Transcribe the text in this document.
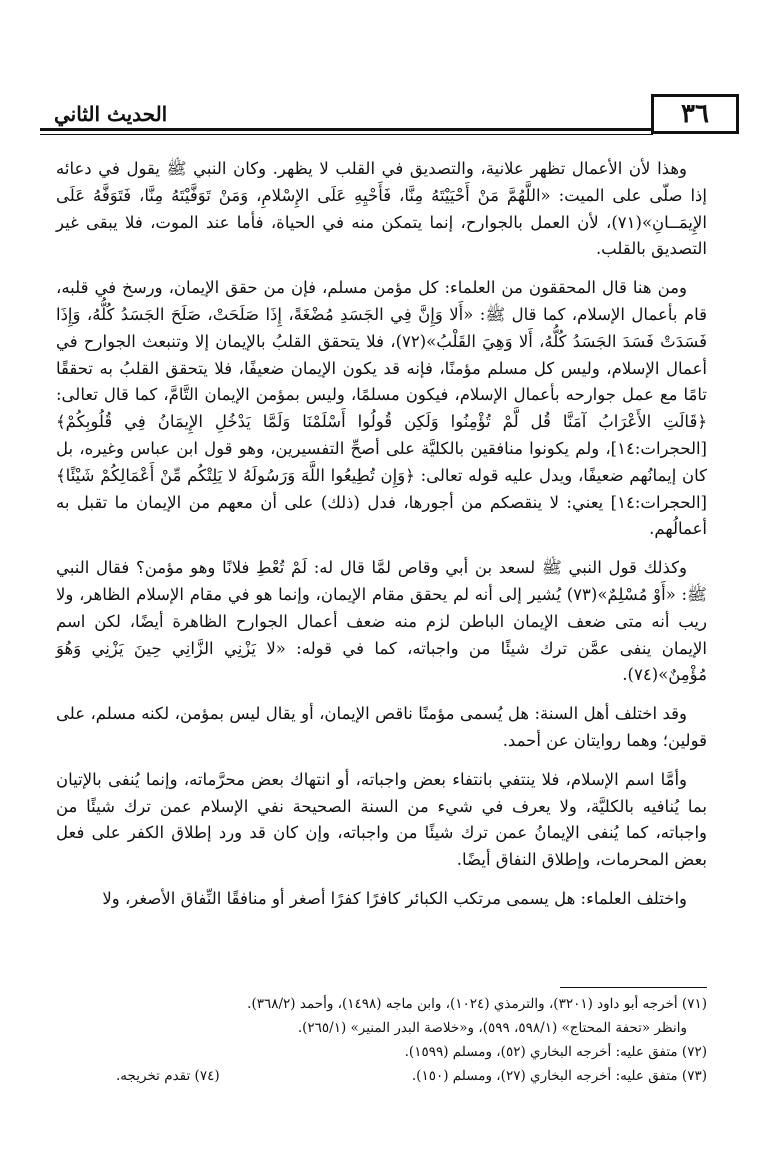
٣٦
الحديث الثاني

وهذا لأن الأعمال تظهر علانية، والتصديق في القلب لا يظهر. وكان النبي ﷺ يقول في دعائه إذا صلّى على الميت: «اللَّهُمَّ مَنْ أَحْيَيْتَهُ مِنَّا، فَأَحْيِهِ عَلَى الإِسْلامِ، وَمَنْ تَوَفَّيْتَهُ مِنَّا، فَتَوَفَّهُ عَلَى الإِيمَــانِ»(٧١)، لأن العمل بالجوارح، إنما يتمكن منه في الحياة، فأما عند الموت، فلا يبقى غير التصديق بالقلب.

ومن هنا قال المحققون من العلماء: كل مؤمن مسلم، فإن من حقق الإيمان، ورسخ في قلبه، قام بأعمال الإسلام، كما قال ﷺ: «أَلا وَإِنَّ فِي الجَسَدِ مُضْغَةً، إِذَا صَلَحَتْ، صَلَحَ الجَسَدُ كُلُّهُ، وَإِذَا فَسَدَتْ فَسَدَ الجَسَدُ كُلُّهُ، أَلا وَهِيَ القَلْبُ»(٧٢)، فلا يتحقق القلبُ بالإيمان إلا وتنبعث الجوارح في أعمال الإسلام، وليس كل مسلم مؤمنًا، فإنه قد يكون الإيمان ضعيفًا، فلا يتحقق القلبُ به تحققًا تامًا مع عمل جوارحه بأعمال الإسلام، فيكون مسلمًا، وليس بمؤمن الإيمان التَّامَّ، كما قال تعالى: ﴿قَالَتِ الأَعْرَابُ آمَنَّا قُل لَّمْ تُؤْمِنُوا وَلَكِن قُولُوا أَسْلَمْنَا وَلَمَّا يَدْخُلِ الإِيمَانُ فِي قُلُوبِكُمْ﴾ [الحجرات:١٤]، ولم يكونوا منافقين بالكليَّة على أصحِّ التفسيرين، وهو قول ابن عباس وغيره، بل كان إيمانُهم ضعيفًا، ويدل عليه قوله تعالى: ﴿وَإِن تُطِيعُوا اللَّهَ وَرَسُولَهُ لا يَلِتْكُم مِّنْ أَعْمَالِكُمْ شَيْئًا﴾ [الحجرات:١٤] يعني: لا ينقصكم من أجورها، فدل (ذلك) على أن معهم من الإيمان ما تقبل به أعمالُهم.

وكذلك قول النبي ﷺ لسعد بن أبي وقاص لمَّا قال له: لَمْ تُعْطِ فلانًا وهو مؤمن؟ فقال النبي ﷺ: «أَوْ مُسْلِمٌ»(٧٣) يُشير إلى أنه لم يحقق مقام الإيمان، وإنما هو في مقام الإسلام الظاهر، ولا ريب أنه متى ضعف الإيمان الباطن لزم منه ضعف أعمال الجوارح الظاهرة أيضًا، لكن اسم الإيمان ينفى عمَّن ترك شيئًا من واجباته، كما في قوله: «لا يَزْنِي الزَّانِي حِينَ يَزْنِي وَهُوَ مُؤْمِنٌ»(٧٤).

وقد اختلف أهل السنة: هل يُسمى مؤمنًا ناقص الإيمان، أو يقال ليس بمؤمن، لكنه مسلم، على قولين؛ وهما روايتان عن أحمد.

وأمَّا اسم الإسلام، فلا ينتفي بانتفاء بعض واجباته، أو انتهاك بعض محرَّماته، وإنما يُنفى بالإتيان بما يُنافيه بالكليَّة، ولا يعرف في شيء من السنة الصحيحة نفي الإسلام عمن ترك شيئًا من واجباته، كما يُنفى الإيمانُ عمن ترك شيئًا من واجباته، وإن كان قد ورد إطلاق الكفر على فعل بعض المحرمات، وإطلاق النفاق أيضًا.

واختلف العلماء: هل يسمى مرتكب الكبائر كافرًا كفرًا أصغر أو منافقًا النِّفاق الأصغر، ولا

(٧١) أخرجه أبو داود (٣٢٠١)، والترمذي (١٠٢٤)، وابن ماجه (١٤٩٨)، وأحمد (٣٦٨/٢).
وانظر «تحفة المحتاج» (٥٩٨/١، ٥٩٩)، و«خلاصة البدر المنير» (٢٦٥/١).
(٧٢) متفق عليه: أخرجه البخاري (٥٢)، ومسلم (١٥٩٩).
(٧٣) متفق عليه: أخرجه البخاري (٢٧)، ومسلم (١٥٠).
(٧٤) تقدم تخريجه.
